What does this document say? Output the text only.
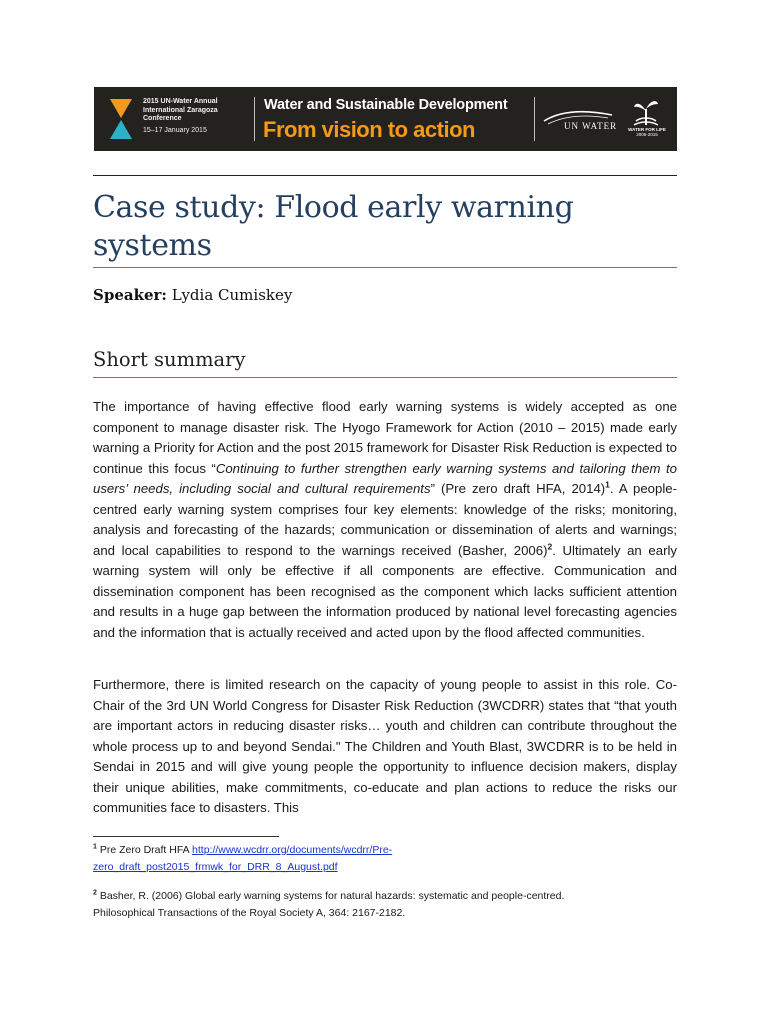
2015 UN-Water Annual
International Zaragoza
Conference
15–17 January 2015
Water and Sustainable Development
From vision to action	UN WATER	WATER FOR LIFE
2005-2015
Case study: Flood early warning systems
Speaker: Lydia Cumiskey
Short summary

The importance of having effective flood early warning systems is widely accepted as one component to manage disaster risk. The Hyogo Framework for Action (2010 – 2015) made early warning a Priority for Action and the post 2015 framework for Disaster Risk Reduction is expected to continue this focus “Continuing to further strengthen early warning systems and tailoring them to users’ needs, including social and cultural requirements” (Pre zero draft HFA, 2014)$^1$. A people-centred early warning system comprises four key elements: knowledge of the risks; monitoring, analysis and forecasting of the hazards; communication or dissemination of alerts and warnings; and local capabilities to respond to the warnings received (Basher, 2006)$^2$. Ultimately an early warning system will only be effective if all components are effective. Communication and dissemination component has been recognised as the component which lacks sufficient attention and results in a huge gap between the information produced by national level forecasting agencies and the information that is actually received and acted upon by the flood affected communities.

Furthermore, there is limited research on the capacity of young people to assist in this role. Co-Chair of the 3rd UN World Congress for Disaster Risk Reduction (3WCDRR) states that “that youth are important actors in reducing disaster risks… youth and children can contribute throughout the whole process up to and beyond Sendai." The Children and Youth Blast, 3WCDRR is to be held in Sendai in 2015 and will give young people the opportunity to influence decision makers, display their unique abilities, make commitments, co-educate and plan actions to reduce the risks our communities face to disasters. This

$^1$ Pre Zero Draft HFA http://www.wcdrr.org/documents/wcdrr/Pre-
zero_draft_post2015_frmwk_for_DRR_8_August.pdf

$^2$ Basher, R. (2006) Global early warning systems for natural hazards: systematic and people-centred.
Philosophical Transactions of the Royal Society A, 364: 2167-2182.
